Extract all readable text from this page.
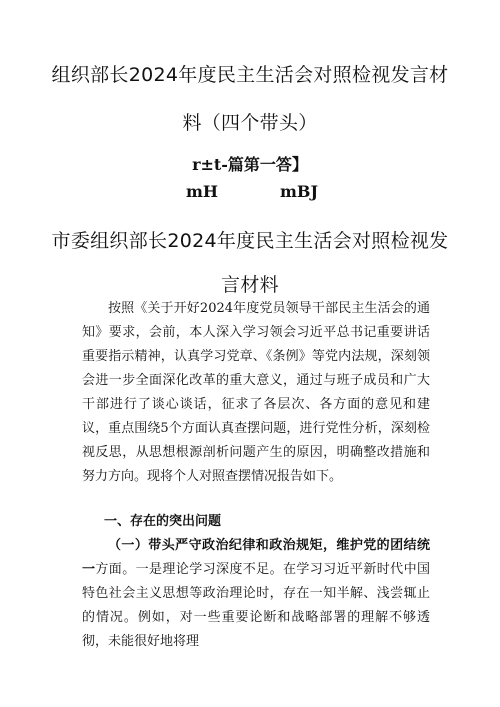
组织部长2024年度民主生活会对照检视发言材
料（四个带头）
r±t-篇第一答】
mH	mBJ
市委组织部长2024年度民主生活会对照检视发
言材料

按照《关于开好2024年度党员领导干部民主生活会的通知》要求，会前，本人深入学习领会习近平总书记重要讲话重要指示精神，认真学习党章、《条例》等党内法规，深刻领会进一步全面深化改革的重大意义，通过与班子成员和广大干部进行了谈心谈话，征求了各层次、各方面的意见和建议，重点围绕5个方面认真查摆问题，进行党性分析，深刻检视反思，从思想根源剖析问题产生的原因，明确整改措施和努力方向。现将个人对照查摆情况报告如下。

一、存在的突出问题

（一）带头严守政治纪律和政治规矩，维护党的团结统一方面。一是理论学习深度不足。在学习习近平新时代中国特色社会主义思想等政治理论时，存在一知半解、浅尝辄止的情况。例如，对一些重要论断和战略部署的理解不够透彻，未能很好地将理
